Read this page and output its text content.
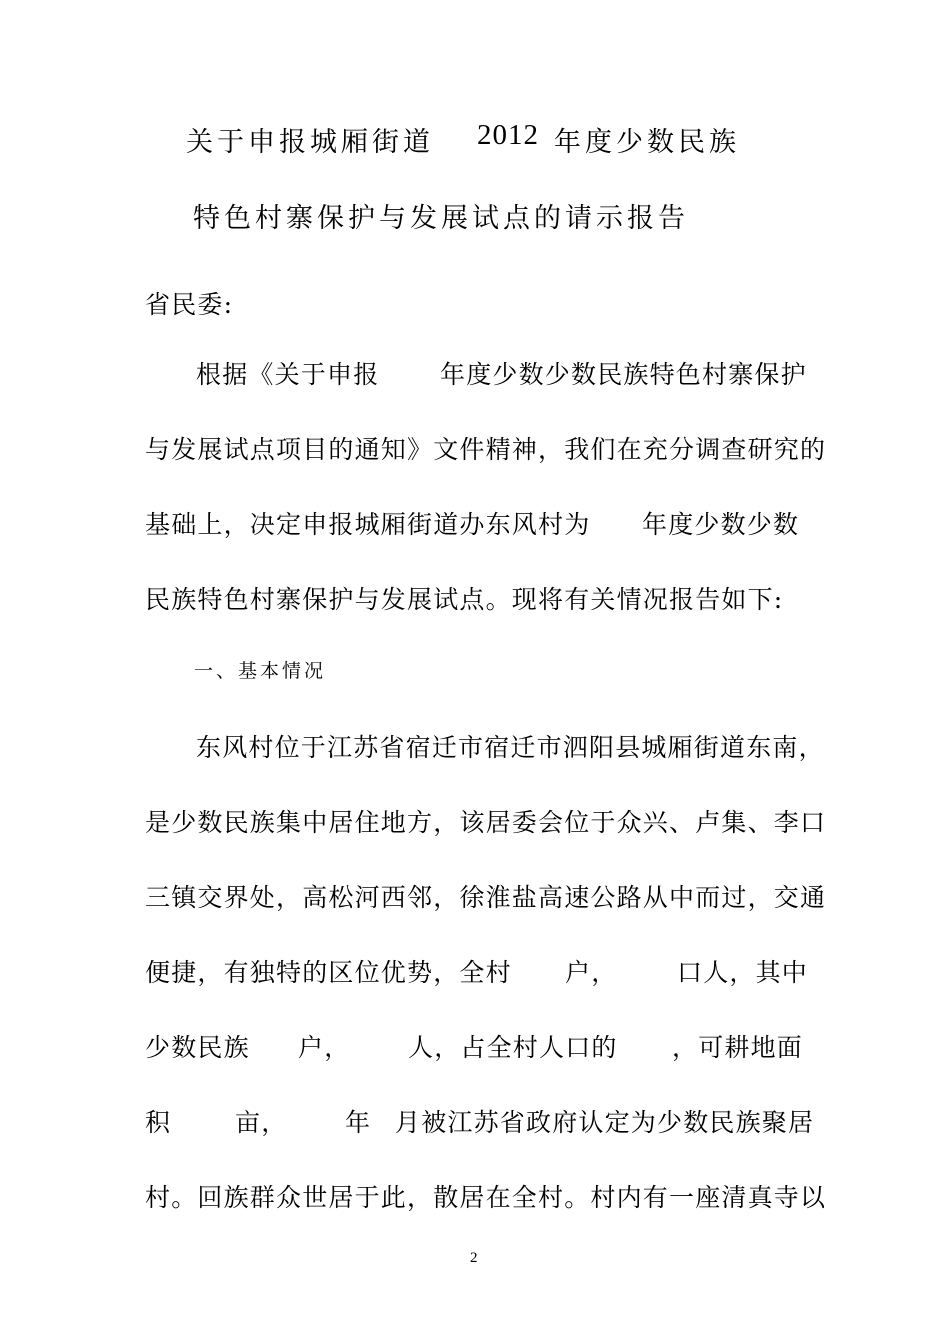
关于申报城厢街道 2012 年度少数民族
特色村寨保护与发展试点的请示报告
省民委:
根据《关于申报 年度少数少数民族特色村寨保护
与发展试点项目的通知》文件精神，我们在充分调查研究的
基础上，决定申报城厢街道办东风村为 年度少数少数
民族特色村寨保护与发展试点。现将有关情况报告如下:
一、基本情况
东风村位于江苏省宿迁市宿迁市泗阳县城厢街道东南，
是少数民族集中居住地方，该居委会位于众兴、卢集、李口
三镇交界处，高松河西邻，徐淮盐高速公路从中而过，交通
便捷，有独特的区位优势，全村 户， 口人，其中
少数民族 户， 人，占全村人口的 ，可耕地面
积	亩， 年 月被江苏省政府认定为少数民族聚居
村。回族群众世居于此，散居在全村。村内有一座清真寺以
2
